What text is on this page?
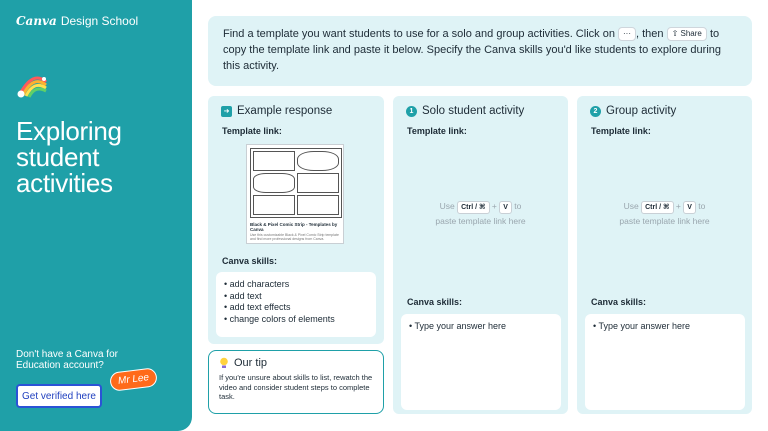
Canva Design School
Exploring student activities
Don't have a Canva for Education account?
Get verified here
Mr Lee
Find a template you want students to use for a solo and group activities. Click on ··· , then ⇧ Share to copy the template link and paste it below. Specify the Canva skills you'd like students to explore during this activity.
➜ Example response
Template link:
Black & Pixel Comic Strip - Templates by Canva
Use this customizable Black & Pixel Comic Strip template and find more professional designs from Canva.
Canva skills:
• add characters
• add text
• add text effects
• change colors of elements
Our tip
If you're unsure about skills to list, rewatch the video and consider student steps to complete task.
1 Solo student activity
Template link:
Use Ctrl / ⌘ + V to
paste template link here
Canva skills:
• Type your answer here
2 Group activity
Template link:
Use Ctrl / ⌘ + V to
paste template link here
Canva skills:
• Type your answer here
